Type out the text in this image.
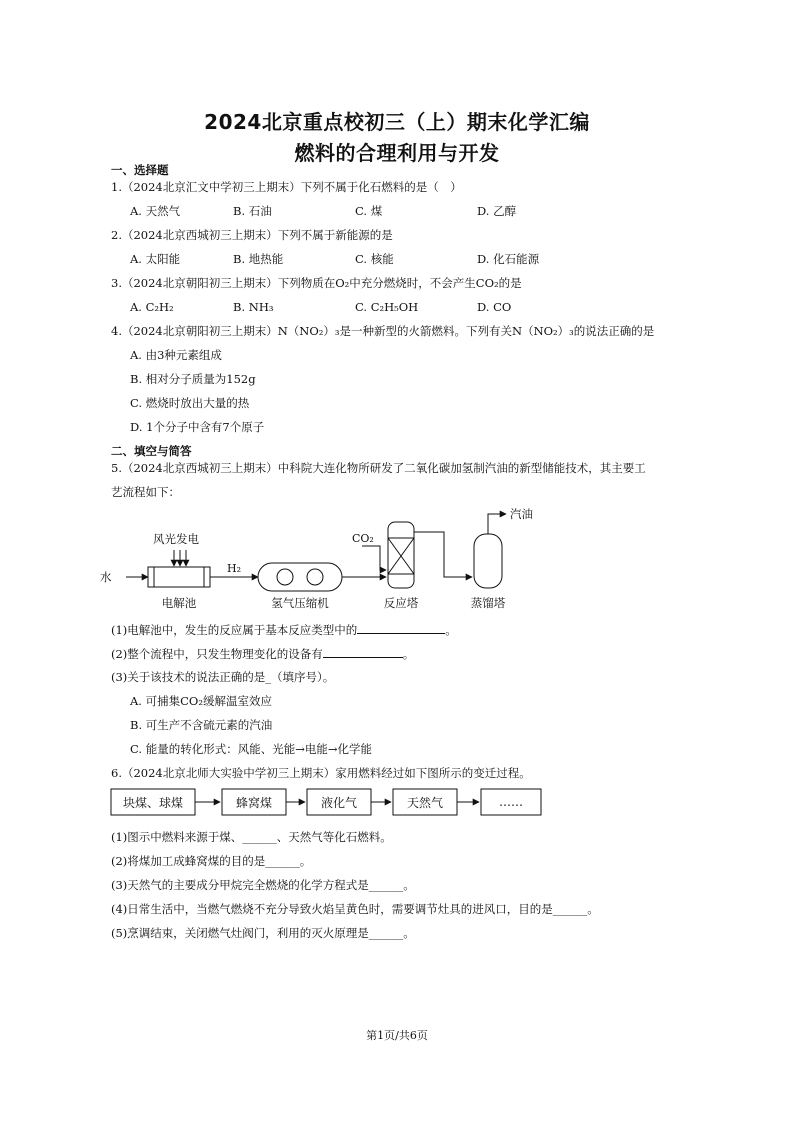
2024北京重点校初三（上）期末化学汇编
燃料的合理利用与开发
一、选择题
1.（2024北京汇文中学初三上期末）下列不属于化石燃料的是（　）
A. 天然气	B. 石油	C. 煤	D. 乙醇
2.（2024北京西城初三上期末）下列不属于新能源的是
A. 太阳能	B. 地热能	C. 核能	D. 化石能源
3.（2024北京朝阳初三上期末）下列物质在O₂中充分燃烧时，不会产生CO₂的是
A. C₂H₂	B. NH₃	C. C₂H₅OH	D. CO
4.（2024北京朝阳初三上期末）N（NO₂）₃是一种新型的火箭燃料。下列有关N（NO₂）₃的说法正确的是
A. 由3种元素组成
B. 相对分子质量为152g
C. 燃烧时放出大量的热
D. 1个分子中含有7个原子
二、填空与简答
5.（2024北京西城初三上期末）中科院大连化物所研发了二氧化碳加氢制汽油的新型储能技术，其主要工
艺流程如下：
水
风光发电
H₂
CO₂
汽油
电解池	氢气压缩机	反应塔	蒸馏塔
(1)电解池中，发生的反应属于基本反应类型中的	。
(2)整个流程中，只发生物理变化的设备有	。
(3)关于该技术的说法正确的是_（填序号）。
A. 可捕集CO₂缓解温室效应
B. 可生产不含硫元素的汽油
C. 能量的转化形式：风能、光能→电能→化学能
6.（2024北京北师大实验中学初三上期末）家用燃料经过如下图所示的变迁过程。
块煤、球煤	蜂窝煤	液化气	天然气	……
(1)图示中燃料来源于煤、______、天然气等化石燃料。
(2)将煤加工成蜂窝煤的目的是______。
(3)天然气的主要成分甲烷完全燃烧的化学方程式是______。
(4)日常生活中，当燃气燃烧不充分导致火焰呈黄色时，需要调节灶具的进风口，目的是______。
(5)烹调结束，关闭燃气灶阀门，利用的灭火原理是______。
第1页/共6页
